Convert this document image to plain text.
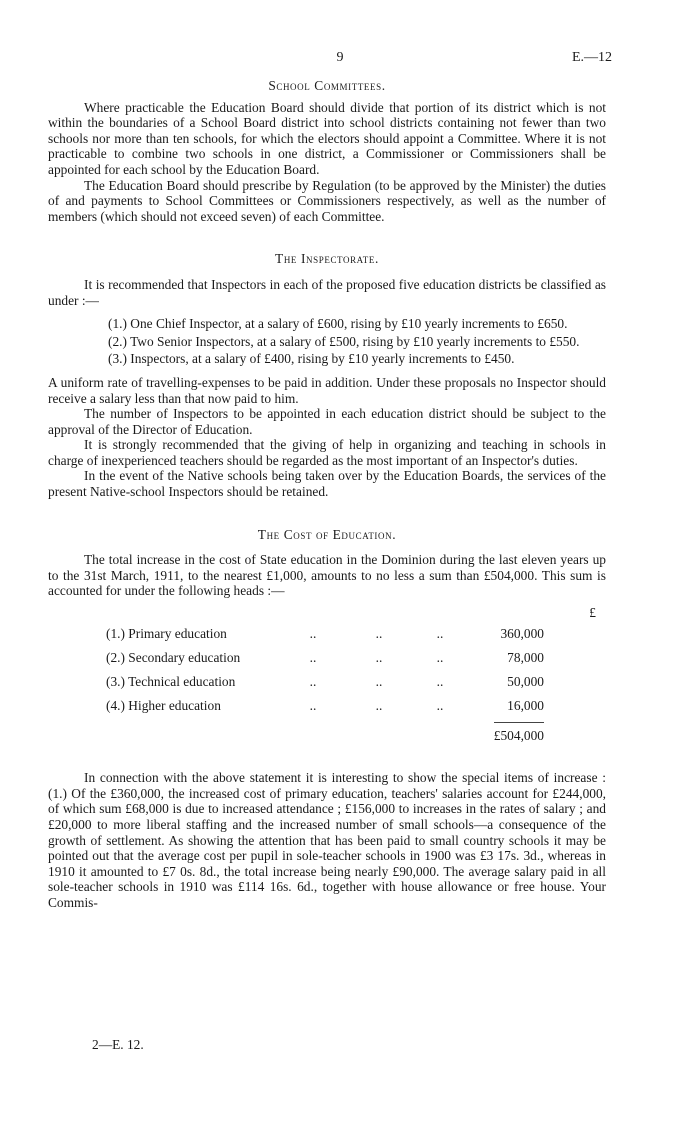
9	E.—12
School Committees.

Where practicable the Education Board should divide that portion of its district which is not within the boundaries of a School Board district into school districts containing not fewer than two schools nor more than ten schools, for which the electors should appoint a Committee. Where it is not practicable to combine two schools in one district, a Commissioner or Commissioners shall be appointed for each school by the Education Board.

The Education Board should prescribe by Regulation (to be approved by the Minister) the duties of and payments to School Committees or Commissioners respectively, as well as the number of members (which should not exceed seven) of each Committee.

The Inspectorate.

It is recommended that Inspectors in each of the proposed five education districts be classified as under :—

(1.) One Chief Inspector, at a salary of £600, rising by £10 yearly increments to £650.
(2.) Two Senior Inspectors, at a salary of £500, rising by £10 yearly increments to £550.
(3.) Inspectors, at a salary of £400, rising by £10 yearly increments to £450.

A uniform rate of travelling-expenses to be paid in addition. Under these proposals no Inspector should receive a salary less than that now paid to him.

The number of Inspectors to be appointed in each education district should be subject to the approval of the Director of Education.

It is strongly recommended that the giving of help in organizing and teaching in schools in charge of inexperienced teachers should be regarded as the most important of an Inspector's duties.

In the event of the Native schools being taken over by the Education Boards, the services of the present Native-school Inspectors should be retained.

The Cost of Education.

The total increase in the cost of State education in the Dominion during the last eleven years up to the 31st March, 1911, to the nearest £1,000, amounts to no less a sum than £504,000. This sum is accounted for under the following heads :—

£
(1.) Primary education	..	..	..	360,000
(2.) Secondary education	..	..	..	78,000
(3.) Technical education	..	..	..	50,000
(4.) Higher education	..	..	..	16,000
				£504,000

In connection with the above statement it is interesting to show the special items of increase : (1.) Of the £360,000, the increased cost of primary education, teachers' salaries account for £244,000, of which sum £68,000 is due to increased attendance ; £156,000 to increases in the rates of salary ; and £20,000 to more liberal staffing and the increased number of small schools—a consequence of the growth of settlement. As showing the attention that has been paid to small country schools it may be pointed out that the average cost per pupil in sole-teacher schools in 1900 was £3 17s. 3d., whereas in 1910 it amounted to £7 0s. 8d., the total increase being nearly £90,000. The average salary paid in all sole-teacher schools in 1910 was £114 16s. 6d., together with house allowance or free house. Your Commis-

2—E. 12.
